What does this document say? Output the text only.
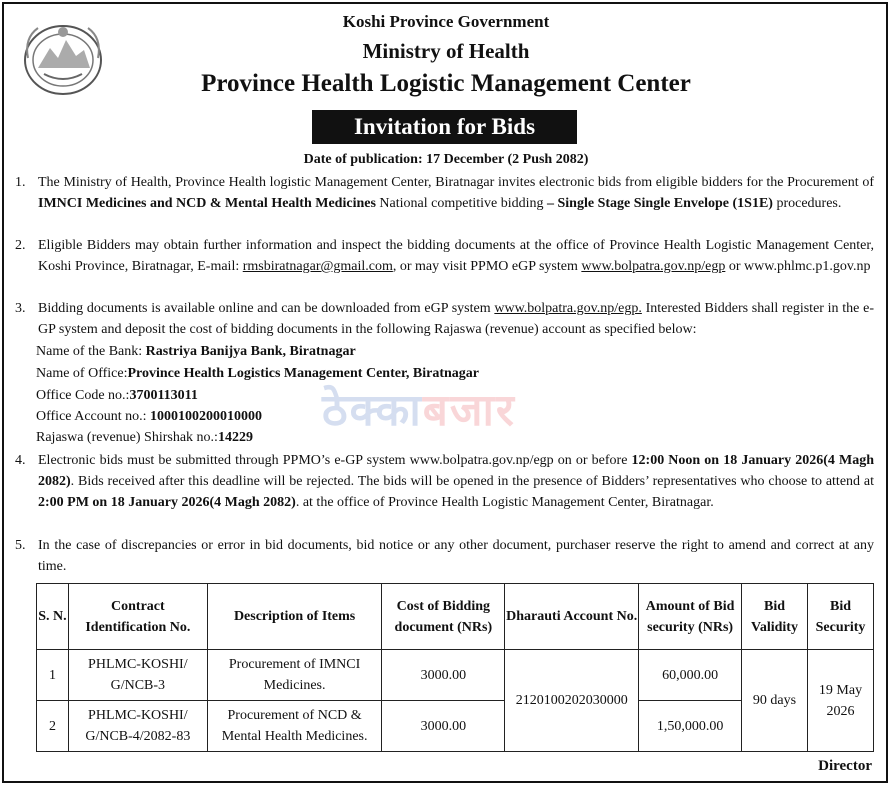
Koshi Province Government
Ministry of Health
Province Health Logistic Management Center
Invitation for Bids
Date of publication: 17 December (2 Push 2082)
ठेक्काबजार
1. The Ministry of Health, Province Health logistic Management Center, Biratnagar invites electronic bids from eligible bidders for the Procurement of IMNCI Medicines and NCD & Mental Health Medicines National competitive bidding – Single Stage Single Envelope (1S1E) procedures.
2. Eligible Bidders may obtain further information and inspect the bidding documents at the office of Province Health Logistic Management Center, Koshi Province, Biratnagar, E-mail: rmsbiratnagar@gmail.com, or may visit PPMO eGP system www.bolpatra.gov.np/egp or www.phlmc.p1.gov.np
3. Bidding documents is available online and can be downloaded from eGP system www.bolpatra.gov.np/egp. Interested Bidders shall register in the e-GP system and deposit the cost of bidding documents in the following Rajaswa (revenue) account as specified below:
Name of the Bank: Rastriya Banijya Bank, Biratnagar
Name of Office:Province Health Logistics Management Center, Biratnagar
Office Code no.:3700113011
Office Account no.: 1000100200010000
Rajaswa (revenue) Shirshak no.:14229
4. Electronic bids must be submitted through PPMO’s e-GP system www.bolpatra.gov.np/egp on or before 12:00 Noon on 18 January 2026(4 Magh 2082). Bids received after this deadline will be rejected. The bids will be opened in the presence of Bidders’ representatives who choose to attend at 2:00 PM on 18 January 2026(4 Magh 2082). at the office of Province Health Logistic Management Center, Biratnagar.
5. In the case of discrepancies or error in bid documents, bid notice or any other document, purchaser reserve the right to amend and correct at any time.
S. N.	Contract Identification No.	Description of Items	Cost of Bidding document (NRs)	Dharauti Account No.	Amount of Bid security (NRs)	Bid Validity	Bid Security
1	PHLMC-KOSHI/ G/NCB-3	Procurement of IMNCI Medicines.	3000.00	2120100202030000	60,000.00	90 days	19 May 2026
2	PHLMC-KOSHI/ G/NCB-4/2082-83	Procurement of NCD & Mental Health Medicines.	3000.00		1,50,000.00		
Director
